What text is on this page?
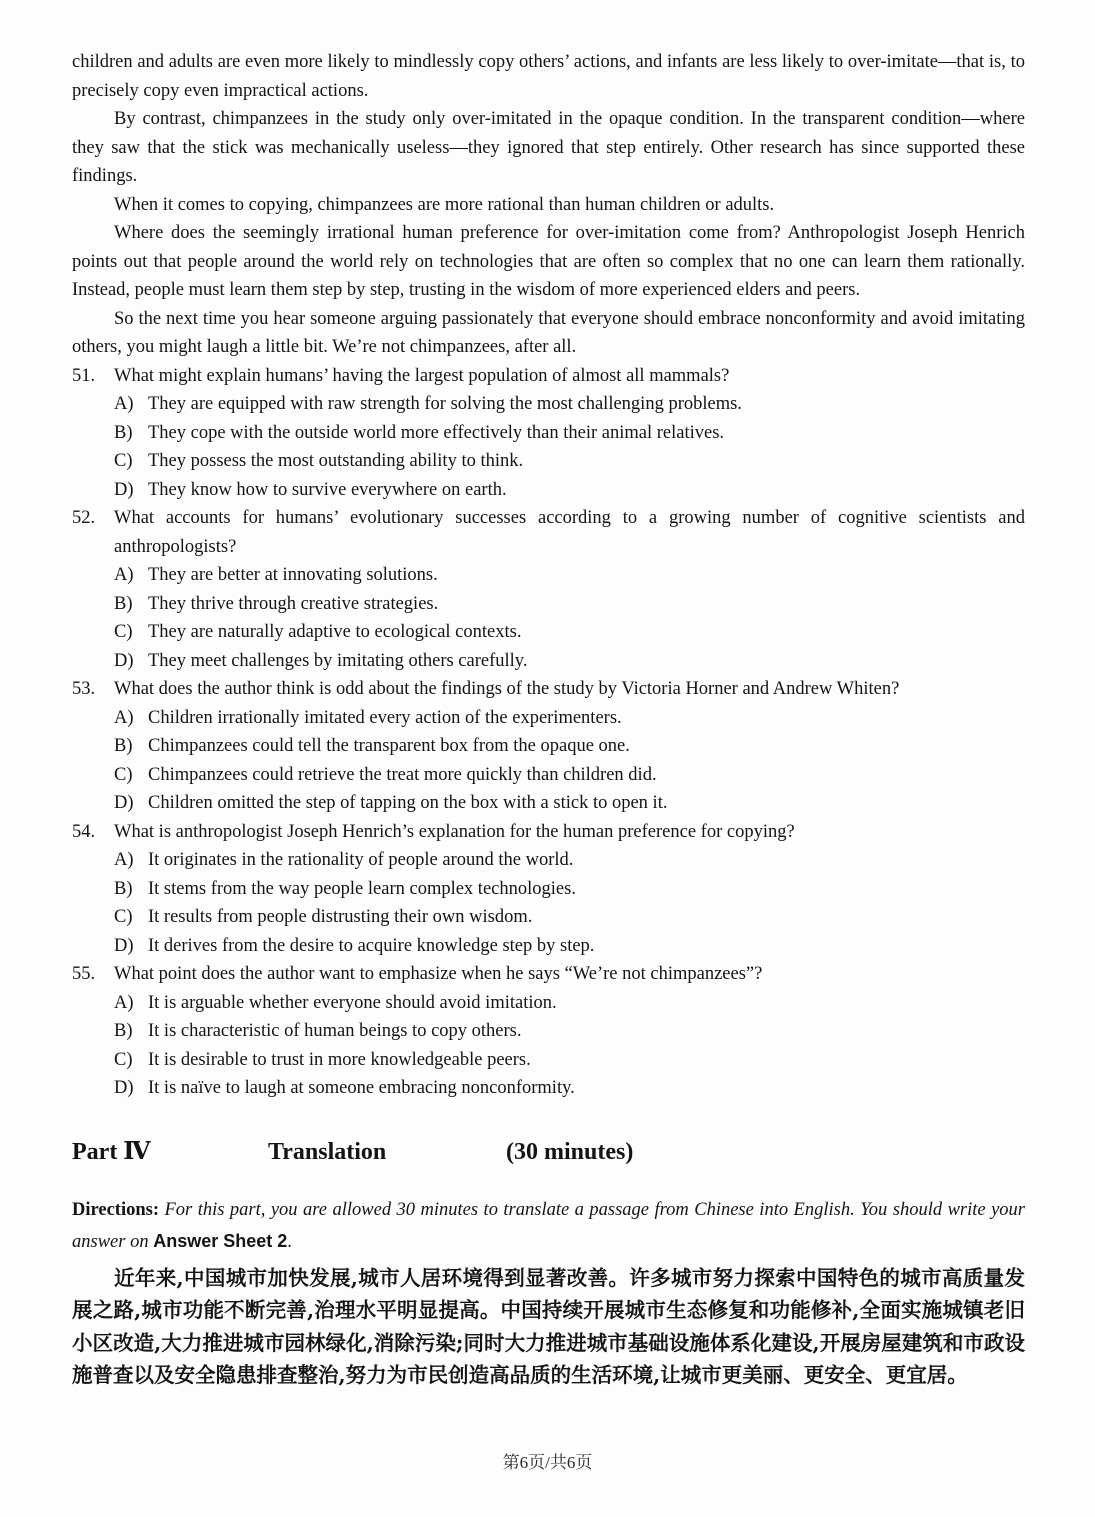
children and adults are even more likely to mindlessly copy others’ actions, and infants are less likely to over-imitate—that is, to precisely copy even impractical actions.

By contrast, chimpanzees in the study only over-imitated in the opaque condition. In the transparent condition—where they saw that the stick was mechanically useless—they ignored that step entirely. Other research has since supported these findings.

When it comes to copying, chimpanzees are more rational than human children or adults.

Where does the seemingly irrational human preference for over-imitation come from? Anthropologist Joseph Henrich points out that people around the world rely on technologies that are often so complex that no one can learn them rationally. Instead, people must learn them step by step, trusting in the wisdom of more experienced elders and peers.

So the next time you hear someone arguing passionately that everyone should embrace nonconformity and avoid imitating others, you might laugh a little bit. We’re not chimpanzees, after all.

51.	What might explain humans’ having the largest population of almost all mammals?
A) They are equipped with raw strength for solving the most challenging problems.
B) They cope with the outside world more effectively than their animal relatives.
C) They possess the most outstanding ability to think.
D) They know how to survive everywhere on earth.
52.	What accounts for humans’ evolutionary successes according to a growing number of cognitive scientists and anthropologists?
A) They are better at innovating solutions.
B) They thrive through creative strategies.
C) They are naturally adaptive to ecological contexts.
D) They meet challenges by imitating others carefully.
53.	What does the author think is odd about the findings of the study by Victoria Horner and Andrew Whiten?
A) Children irrationally imitated every action of the experimenters.
B) Chimpanzees could tell the transparent box from the opaque one.
C) Chimpanzees could retrieve the treat more quickly than children did.
D) Children omitted the step of tapping on the box with a stick to open it.
54.	What is anthropologist Joseph Henrich’s explanation for the human preference for copying?
A) It originates in the rationality of people around the world.
B) It stems from the way people learn complex technologies.
C) It results from people distrusting their own wisdom.
D) It derives from the desire to acquire knowledge step by step.
55.	What point does the author want to emphasize when he says “We’re not chimpanzees”?
A) It is arguable whether everyone should avoid imitation.
B) It is characteristic of human beings to copy others.
C) It is desirable to trust in more knowledgeable peers.
D) It is naïve to laugh at someone embracing nonconformity.
Part Ⅳ	Translation	(30 minutes)

Directions: For this part, you are allowed 30 minutes to translate a passage from Chinese into English. You should write your answer on Answer Sheet 2.

近年来,中国城市加快发展,城市人居环境得到显著改善。许多城市努力探索中国特色的城市高质量发展之路,城市功能不断完善,治理水平明显提高。中国持续开展城市生态修复和功能修补,全面实施城镇老旧小区改造,大力推进城市园林绿化,消除污染;同时大力推进城市基础设施体系化建设,开展房屋建筑和市政设施普查以及安全隐患排查整治,努力为市民创造高品质的生活环境,让城市更美丽、更安全、更宜居。

第6页/共6页
